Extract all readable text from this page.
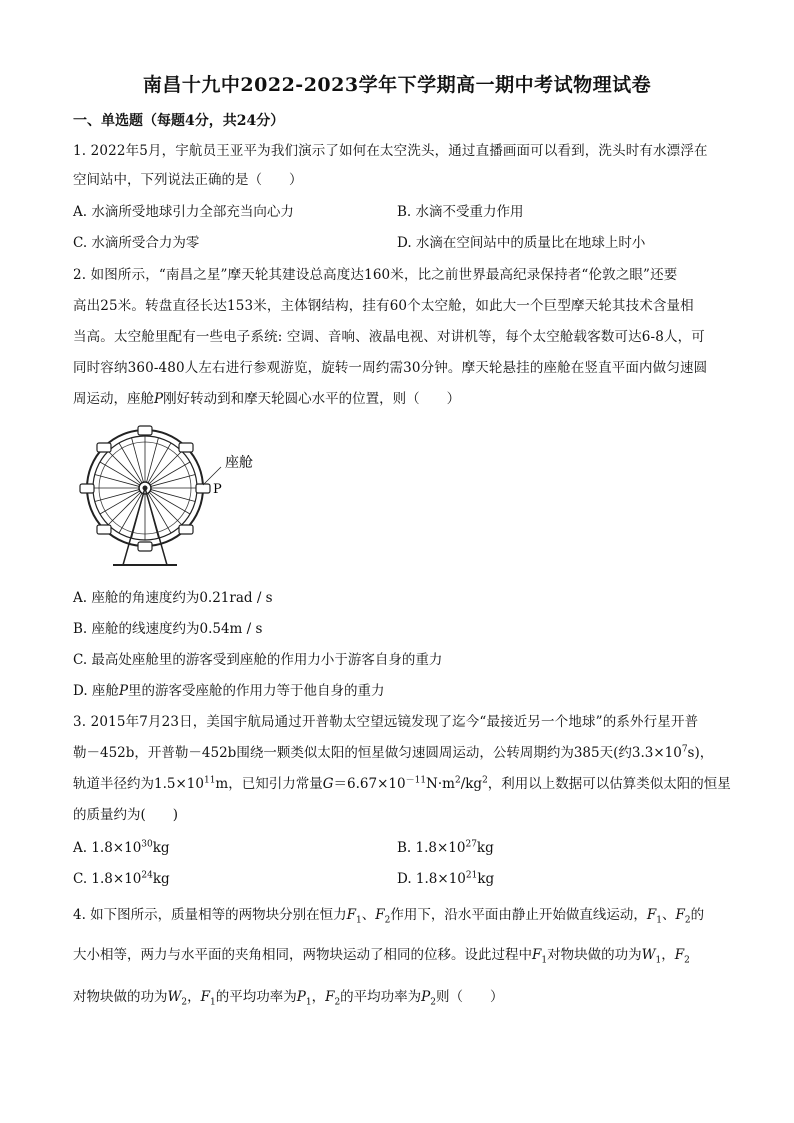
南昌十九中2022-2023学年下学期高一期中考试物理试卷
一、单选题（每题4分，共24分）
1. 2022年5月，宇航员王亚平为我们演示了如何在太空洗头，通过直播画面可以看到，洗头时有水漂浮在
空间站中，下列说法正确的是（　　）
A. 水滴所受地球引力全部充当向心力	B. 水滴不受重力作用
C. 水滴所受合力为零	D. 水滴在空间站中的质量比在地球上时小
2. 如图所示，“南昌之星”摩天轮其建设总高度达160米，比之前世界最高纪录保持者“伦敦之眼”还要
高出25米。转盘直径长达153米，主体钢结构，挂有60个太空舱，如此大一个巨型摩天轮其技术含量相
当高。太空舱里配有一些电子系统: 空调、音响、液晶电视、对讲机等，每个太空舱载客数可达6-8人，可
同时容纳360-480人左右进行参观游览，旋转一周约需30分钟。摩天轮悬挂的座舱在竖直平面内做匀速圆
周运动，座舱P刚好转动到和摩天轮圆心水平的位置，则（　　）
座舱
P
A. 座舱的角速度约为0.21rad / s
B. 座舱的线速度约为0.54m / s
C. 最高处座舱里的游客受到座舱的作用力小于游客自身的重力
D. 座舱P里的游客受座舱的作用力等于他自身的重力
3. 2015年7月23日，美国宇航局通过开普勒太空望远镜发现了迄今“最接近另一个地球”的系外行星开普
勒－452b，开普勒－452b围绕一颗类似太阳的恒星做匀速圆周运动，公转周期约为385天(约$3.3\times 10^7s$)，
轨道半径约为$1.5\times 10^{11}m$，已知引力常量$G=6.67\times 10^{-11}N\cdot m^2/kg^2$，利用以上数据可以估算类似太阳的恒星
的质量约为(　　)
A. $1.8\times 10^{30}kg$	B. $1.8\times 10^{27}kg$
C. $1.8\times 10^{24}kg$	D. $1.8\times 10^{21}kg$
4. 如下图所示，质量相等的两物块分别在恒力$F_1$、$F_2$作用下，沿水平面由静止开始做直线运动，$F_1$、$F_2$的
大小相等，两力与水平面的夹角相同，两物块运动了相同的位移。设此过程中$F_1$对物块做的功为$W_1$，$F_2$
对物块做的功为$W_2$，$F_1$的平均功率为$P_1$，$F_2$的平均功率为$P_2$则（　　）
